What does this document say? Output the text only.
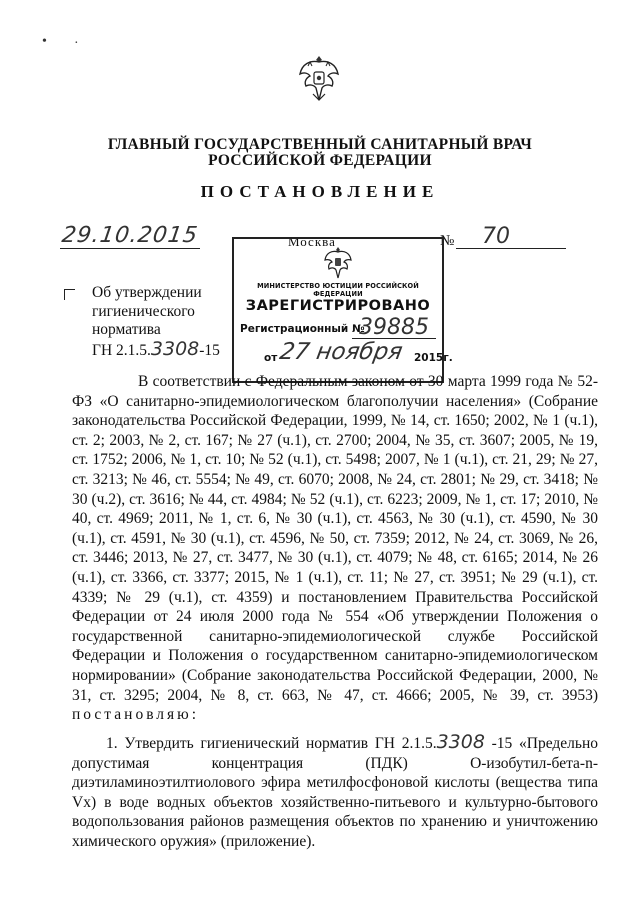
• ·
ГЛАВНЫЙ ГОСУДАРСТВЕННЫЙ САНИТАРНЫЙ ВРАЧ
РОССИЙСКОЙ ФЕДЕРАЦИИ
ПОСТАНОВЛЕНИЕ
29.10.2015	Москва	№ 70
МИНИСТЕРСТВО ЮСТИЦИИ РОССИЙСКОЙ ФЕДЕРАЦИИ
ЗАРЕГИСТРИРОВАНО
Регистрационный №
39885
от 27 ноября 2015г.
Об утверждении
гигиенического норматива
ГН 2.1.5.3308-15
В соответствии с Федеральным законом от 30 марта 1999 года № 52-ФЗ «О санитарно-эпидемиологическом благополучии населения» (Собрание законодательства Российской Федерации, 1999, № 14, ст. 1650; 2002, № 1 (ч.1), ст. 2; 2003, № 2, ст. 167; № 27 (ч.1), ст. 2700; 2004, № 35, ст. 3607; 2005, № 19, ст. 1752; 2006, № 1, ст. 10; № 52 (ч.1), ст. 5498; 2007, № 1 (ч.1), ст. 21, 29; № 27, ст. 3213; № 46, ст. 5554; № 49, ст. 6070; 2008, № 24, ст. 2801; № 29, ст. 3418; № 30 (ч.2), ст. 3616; № 44, ст. 4984; № 52 (ч.1), ст. 6223; 2009, № 1, ст. 17; 2010, № 40, ст. 4969; 2011, № 1, ст. 6, № 30 (ч.1), ст. 4563, № 30 (ч.1), ст. 4590, № 30 (ч.1), ст. 4591, № 30 (ч.1), ст. 4596, № 50, ст. 7359; 2012, № 24, ст. 3069, № 26, ст. 3446; 2013, № 27, ст. 3477, № 30 (ч.1), ст. 4079; № 48, ст. 6165; 2014, № 26 (ч.1), ст. 3366, ст. 3377; 2015, № 1 (ч.1), ст. 11; № 27, ст. 3951; № 29 (ч.1), ст. 4339; № 29 (ч.1), ст. 4359) и постановлением Правительства Российской Федерации от 24 июля 2000 года № 554 «Об утверждении Положения о государственной санитарно-эпидемиологической службе Российской Федерации и Положения о государственном санитарно-эпидемиологическом нормировании» (Собрание законодательства Российской Федерации, 2000, № 31, ст. 3295; 2004, № 8, ст. 663, № 47, ст. 4666; 2005, № 39, ст. 3953) постановляю:
1. Утвердить гигиенический норматив ГН 2.1.5.3308 -15 «Предельно допустимая концентрация (ПДК) О-изобутил-бета-n-диэтиламиноэтилтиолового эфира метилфосфоновой кислоты (вещества типа Vx) в воде водных объектов хозяйственно-питьевого и культурно-бытового водопользования районов размещения объектов по хранению и уничтожению химического оружия» (приложение).
